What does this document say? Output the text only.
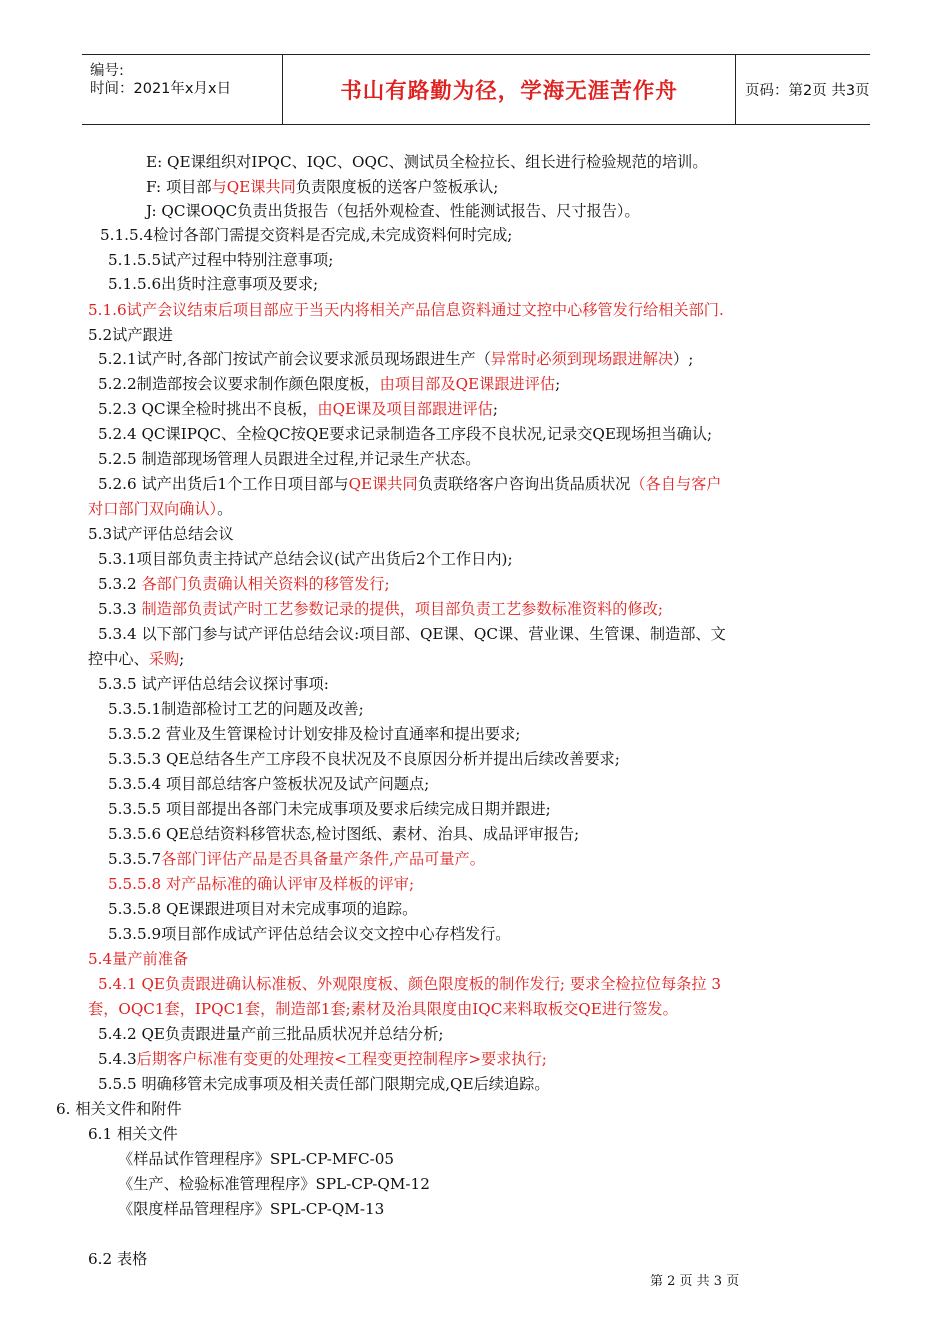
编号:
时间：2021年x月x日	书山有路勤为径，学海无涯苦作舟	页码：第2页 共3页
E: QE课组织对IPQC、IQC、OQC、测试员全检拉长、组长进行检验规范的培训。
F: 项目部与QE课共同负责限度板的送客户签板承认;
J: QC课OQC负责出货报告（包括外观检查、性能测试报告、尺寸报告）。
5.1.5.4检讨各部门需提交资料是否完成,未完成资料何时完成;
5.1.5.5试产过程中特别注意事项;
5.1.5.6出货时注意事项及要求;
5.1.6试产会议结束后项目部应于当天内将相关产品信息资料通过文控中心移管发行给相关部门.
5.2试产跟进
5.2.1试产时,各部门按试产前会议要求派员现场跟进生产（异常时必须到现场跟进解决）;
5.2.2制造部按会议要求制作颜色限度板，由项目部及QE课跟进评估;
5.2.3 QC课全检时挑出不良板，由QE课及项目部跟进评估;
5.2.4 QC课IPQC、全检QC按QE要求记录制造各工序段不良状况,记录交QE现场担当确认;
5.2.5 制造部现场管理人员跟进全过程,并记录生产状态。
5.2.6 试产出货后1个工作日项目部与QE课共同负责联络客户咨询出货品质状况（各自与客户
对口部门双向确认）。
5.3试产评估总结会议
5.3.1项目部负责主持试产总结会议(试产出货后2个工作日内);
5.3.2 各部门负责确认相关资料的移管发行;
5.3.3 制造部负责试产时工艺参数记录的提供，项目部负责工艺参数标准资料的修改;
5.3.4 以下部门参与试产评估总结会议:项目部、QE课、QC课、营业课、生管课、制造部、文
控中心、采购;
5.3.5 试产评估总结会议探讨事项:
5.3.5.1制造部检讨工艺的问题及改善;
5.3.5.2 营业及生管课检讨计划安排及检讨直通率和提出要求;
5.3.5.3 QE总结各生产工序段不良状况及不良原因分析并提出后续改善要求;
5.3.5.4 项目部总结客户签板状况及试产问题点;
5.3.5.5 项目部提出各部门未完成事项及要求后续完成日期并跟进;
5.3.5.6 QE总结资料移管状态,检讨图纸、素材、治具、成品评审报告;
5.3.5.7各部门评估产品是否具备量产条件,产品可量产。
5.5.5.8 对产品标准的确认评审及样板的评审;
5.3.5.8 QE课跟进项目对未完成事项的追踪。
5.3.5.9项目部作成试产评估总结会议交文控中心存档发行。
5.4量产前准备
5.4.1 QE负责跟进确认标准板、外观限度板、颜色限度板的制作发行; 要求全检拉位每条拉 3
套，OQC1套，IPQC1套，制造部1套;素材及治具限度由IQC来料取板交QE进行签发。
5.4.2 QE负责跟进量产前三批品质状况并总结分析;
5.4.3后期客户标准有变更的处理按<工程变更控制程序>要求执行;
5.5.5 明确移管未完成事项及相关责任部门限期完成,QE后续追踪。
6. 相关文件和附件
6.1 相关文件
《样品试作管理程序》SPL-CP-MFC-05
《生产、检验标准管理程序》SPL-CP-QM-12
《限度样品管理程序》SPL-CP-QM-13
6.2 表格
第 2 页 共 3 页
